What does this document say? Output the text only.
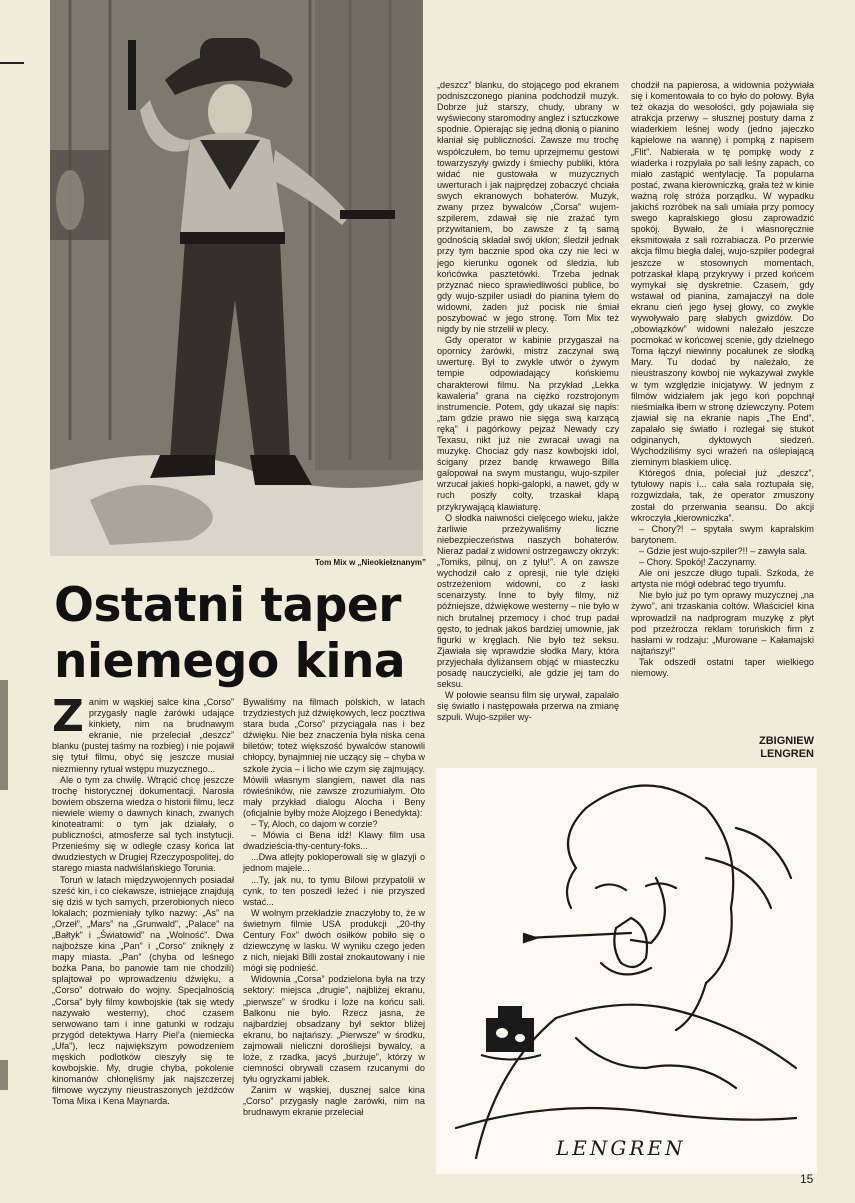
Tom Mix w „Nieokiełznanym”
Ostatni taper niemego kina

Zanim w wąskiej salce kina „Corso” przygasły nagle żarówki udające kinkiety, nim na brudnawym ekranie, nie przeleciał „deszcz” blanku (pustej taśmy na rozbieg) i nie pojawił się tytuł filmu, obyć się jeszcze musiał niezmienny rytuał wstępu muzycznego...

Ale o tym za chwilę. Wtrącić chcę jeszcze trochę historycznej dokumentacji. Narosła bowiem obszerna wiedza o historii filmu, lecz niewiele wiemy o dawnych kinach, zwanych kinoteatrami: o tym jak działały, o publiczności, atmosferze sal tych instytucji. Przenieśmy się w odległe czasy końca lat dwudziestych w Drugiej Rzeczypospolitej, do starego miasta nadwiślańskiego Torunia.

Toruń w latach międzywojennych posiadał sześć kin, i co ciekawsze, istniejące znajdują się dziś w tych samych, przerobionych nieco lokalach; pozmieniały tylko nazwy: „As” na „Orzeł”, „Mars” na „Grunwald”, „Palace” na „Bałtyk” i „Światowid” na „Wolność”. Dwa najboższe kina „Pan” i „Corso” zniknęły z mapy miasta. „Pan” (chyba od leśnego bożka Pana, bo panowie tam nie chodzili) splajtował po wprowadzeniu dźwięku, a „Corso” dotrwało do wojny. Specjalnością „Corsa” były filmy kowbojskie (tak się wtedy nazywało westerny), choć czasem serwowano tam i inne gatunki w rodzaju przygód detektywa Harry Piel’a (niemiecka „Ufa”), lecz największym powodzeniem męskich podlotków cieszyły się te kowbojskie. My, drugie chyba, pokolenie kinomanów chłonęliśmy jak najszczerzej filmowe wyczyny nieustraszonych jeźdźców Toma Mixa i Kena Maynarda.

Bywaliśmy na filmach polskich, w latach trzydziestych już dźwiękowych, lecz pocztiwa stara buda „Corso” przyciągała nas i bez dźwięku. Nie bez znaczenia była niska cena biletów; toteż większość bywalców stanowili chłopcy, bynajmniej nie uczący się – chyba w szkole życia – i licho wie czym się zajmujący. Mówili własnym slangiem, nawet dla nas rówieśników, nie zawsze zrozumiałym. Oto mały przykład dialogu Alocha i Beny (oficjalnie byłby może Alojzego i Benedykta):

– Ty, Aloch, co dajom w corzie?

– Mówia ci Bena idź! Klawy film usa dwadzieścia-thy-century-foks...

...Dwa atlejty pokloperowali się w glazyji o jednom majele...

...Ty, jak nu, to tymu Bilowi przypatolił w cynk, to ten poszedł leżeć i nie przyszed wstać...

W wolnym przekładzie znaczyłoby to, że w świetnym filmie USA produkcji „20-thy Century Fox” dwóch osiłków pobiło się o dziewczynę w lasku. W wyniku czego jeden z nich, niejaki Billi został znokautowany i nie mógł się podnieść.

Widownia „Corsa” podzielona była na trzy sektory: miejsca „drugie”, najbliżej ekranu, „pierwsze” w środku i loże na końcu sali. Balkonu nie było. Rzecz jasna, że najbardziej obsadzany był sektor bliżej ekranu, bo najtańszy. „Pierwsze” w środku, zajmowali nieliczni dorośliejsi bywalcy, a loże, z rzadka, jacyś „burżuje”, którzy w ciemności obrywali czasem rzucanymi do tyłu ogryzkami jabłek.

Zanim w wąskiej, dusznej salce kina „Corso” przygasły nagle żarówki, nim na brudnawym ekranie przeleciał

„deszcz” blanku, do stojącego pod ekranem podniszczonego pianina podchodził muzyk. Dobrze już starszy, chudy, ubrany w wyświecony staromodny anglez i sztuczkowe spodnie. Opierając się jedną dłonią o pianino kłaniał się publiczności. Zawsze mu trochę współczułem, bo temu uprzejmemu gestowi towarzyszyły gwizdy i śmiechy publiki, która widać nie gustowała w muzycznych uwerturach i jak najprędzej zobaczyć chciała swych ekranowych bohaterów. Muzyk, zwany przez bywalców „Corsa” wujem-szpilerem, zdawał się nie zrażać tym przywitaniem, bo zawsze z tą samą godnością składał swój ukłon; śledził jednak przy tym bacznie spod oka czy nie leci w jego kierunku ogonek od śledzia, lub końcówka pasztetówki. Trzeba jednak przyznać nieco sprawiedliwości publice, bo gdy wujo-szpiler usiadł do pianina tyłem do widowni, żaden już pocisk nie śmiał poszybować w jego stronę. Tom Mix też nigdy by nie strzelił w plecy.

Gdy operator w kabinie przygaszał na opornicy żarówki, mistrz zaczynał swą uwerturę. Był to zwykle utwór o żywym tempie odpowiadający końskiemu charakterowi filmu. Na przykład „Lekka kawaleria” grana na ciężko rozstrojonym instrumencie. Potem, gdy ukazał się napis: „tam gdzie prawo nie sięga swą karzącą ręką” i pagórkowy pejzaż Newady czy Texasu, nikt już nie zwracał uwagi na muzykę. Chociaż gdy nasz kowbojski idol, ścigany przez bandę krwawego Billa galopował na swym mustangu, wujo-szpiler wrzucał jakieś hopki-galopki, a nawet, gdy w ruch poszły colty, trzaskał klapą przykrywającą klawiaturę.

O słodka naiwności cielęcego wieku, jakże żarliwie przeżywaliśmy liczne niebezpieczeństwa naszych bohaterów. Nieraz padał z widowni ostrzegawczy okrzyk: „Tomiks, pilnuj, on z tyłu!”. A on zawsze wychodził cało z opresji, nie tyle dzięki ostrzeżeniom widowni, co z łaski scenarzysty. Inne to były filmy, niż późniejsze, dźwiękowe westerny – nie było w nich brutalnej przemocy i choć trup padał gęsto, to jednak jakoś bardziej umownie, jak figurki w kręglach. Nie było też seksu. Zjawiała się wprawdzie słodka Mary, która przyjechała dyliżansem objąć w miasteczku posadę nauczycielki, ale gdzie jej tam do seksu.

W połowie seansu film się urywał, zapalało się światło i następowała przerwa na zmianę szpuli. Wujo-szpiler wy-

chodził na papierosa, a widownia pożywiała się i komentowała to co było do połowy. Była też okazja do wesołości, gdy pojawiała się atrakcja przerwy – słusznej postury dama z wiaderkiem leśnej wody (jedno jajeczko kąpielowe na wannę) i pompką z napisem „Flit”. Nabierała w tę pompkę wody z wiaderka i rozpylała po sali leśny zapach, co miało zastąpić wentylację. Ta popularna postać, zwana kierowniczką, grała też w kinie ważną rolę stróża porządku. W wypadku jakichś rozróbek na sali umiała przy pomocy swego kapralskiego głosu zaprowadzić spokój. Bywało, że i własnoręcznie eksmitowała z sali rozrabiacza. Po przerwie akcja filmu biegła dalej, wujo-szpiler podegrał jeszcze w stosownych momentach, potrzaskał klapą przykrywy i przed końcem wymykał się dyskretnie. Czasem, gdy wstawał od pianina, zamajaczył na dole ekranu cień jego łysej głowy, co zwykle wywoływało parę słabych gwizdów. Do „obowiązków” widowni należało jeszcze pocmokać w końcowej scenie, gdy dzielnego Toma łączył niewinny pocałunek ze słodką Mary. Tu dodać by należało, że nieustraszony kowboj nie wykazywał zwykle w tym względzie inicjatywy. W jednym z filmów widziałem jak jego koń popchnął nieśmiałka łbem w stronę dziewczyny. Potem zjawiał się na ekranie napis „The End”, zapalało się światło i rozlegał się stukot odginanych, dyktowych siedzeń. Wychodziliśmy syci wrażeń na oślepiającą zieminym blaskiem ulicę.

Któregoś dnia, poleciał już „deszcz”, tytułowy napis i... cała sala roztupała się, rozgwizdała, tak, że operator zmuszony został do przerwania seansu. Do akcji wkroczyła „kierowniczka”.

– Chory?! – spytała swym kapralskim barytonem.

– Gdzie jest wujo-szpiler?!! – zawyła sala.

– Chory. Spokój! Zaczynamy.

Ale oni jeszcze długo tupali. Szkoda, że artysta nie mógł odebrać tego tryumfu.

Nie było już po tym oprawy muzycznej „na żywo”, ani trzaskania coltów. Właściciel kina wprowadził na nadprogram muzykę z płyt pod przeźrocza reklam toruńskich firm z hasłami w rodzaju: „Murowane – Kałamajski najtańszy!”

Tak odszedł ostatni taper wielkiego niemowy.

ZBIGNIEW
LENGREN
LENGREN
15
